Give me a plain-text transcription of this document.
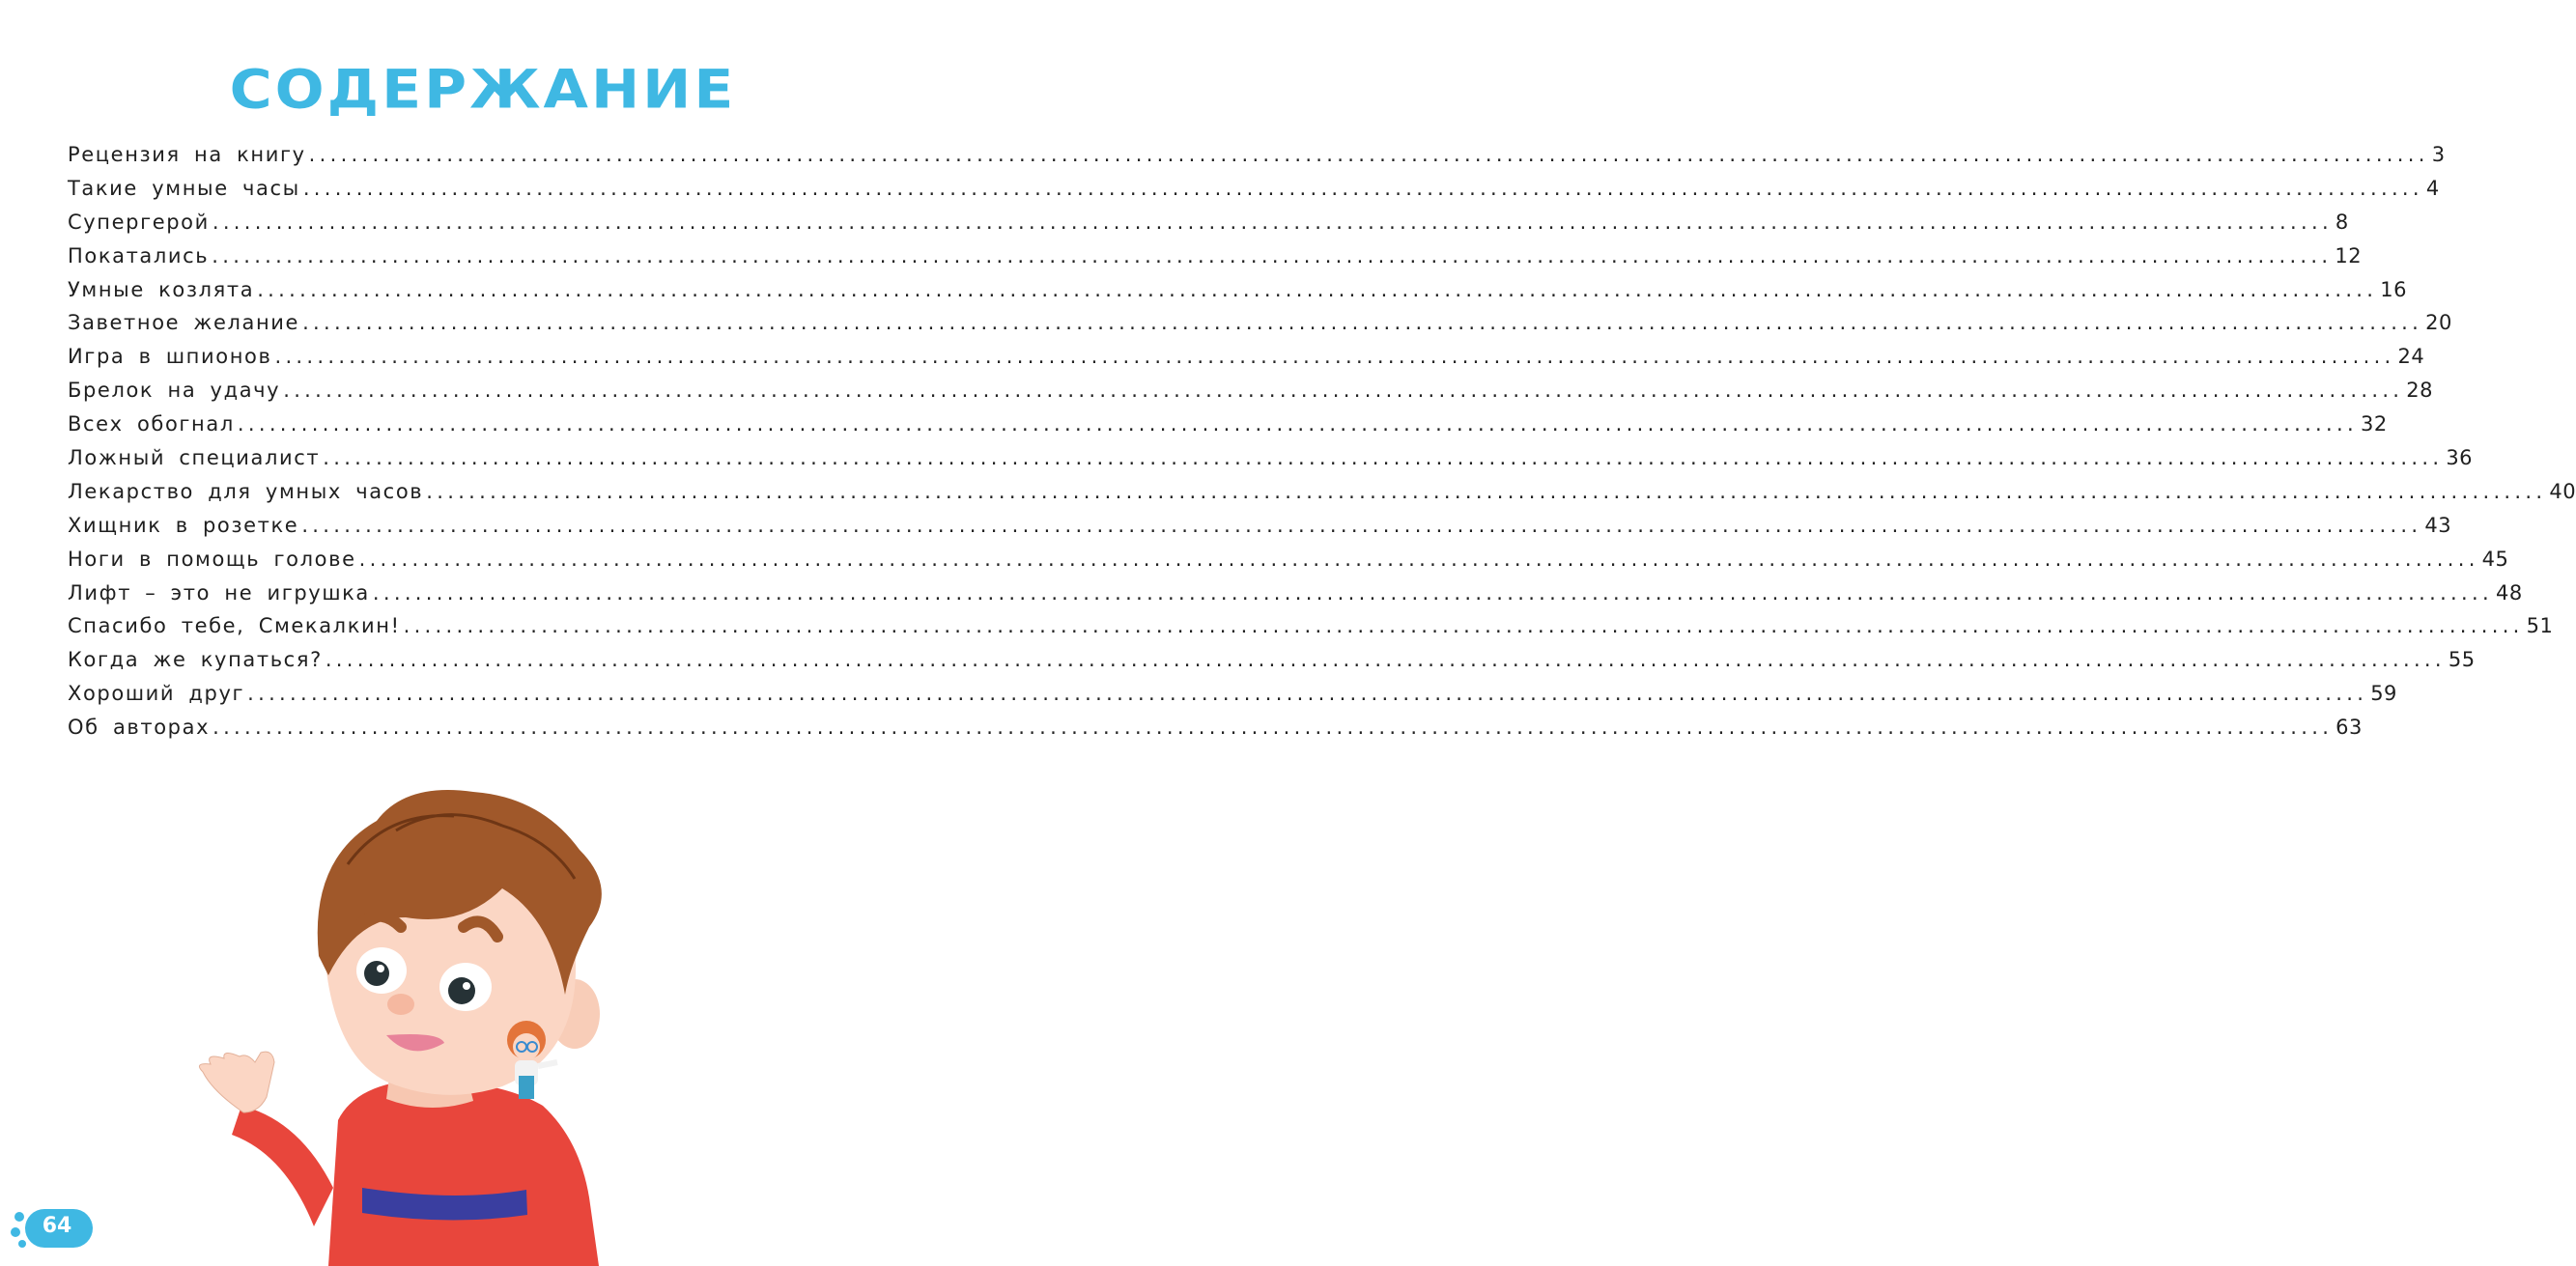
СОДЕРЖАНИЕ
Рецензия на книгу ........................................................................................................................................................................................................ 3
Такие умные часы ........................................................................................................................................................................................................ 4
Супергерой ........................................................................................................................................................................................................ 8
Покатались ........................................................................................................................................................................................................ 12
Умные козлята ........................................................................................................................................................................................................ 16
Заветное желание ........................................................................................................................................................................................................ 20
Игра в шпионов ........................................................................................................................................................................................................ 24
Брелок на удачу ........................................................................................................................................................................................................ 28
Всех обогнал ........................................................................................................................................................................................................ 32
Ложный специалист ........................................................................................................................................................................................................ 36
Лекарство для умных часов ........................................................................................................................................................................................................ 40
Хищник в розетке ........................................................................................................................................................................................................ 43
Ноги в помощь голове ........................................................................................................................................................................................................ 45
Лифт – это не игрушка ........................................................................................................................................................................................................ 48
Спасибо тебе, Смекалкин! ........................................................................................................................................................................................................ 51
Когда же купаться? ........................................................................................................................................................................................................ 55
Хороший друг ........................................................................................................................................................................................................ 59
Об авторах ........................................................................................................................................................................................................ 63
64
